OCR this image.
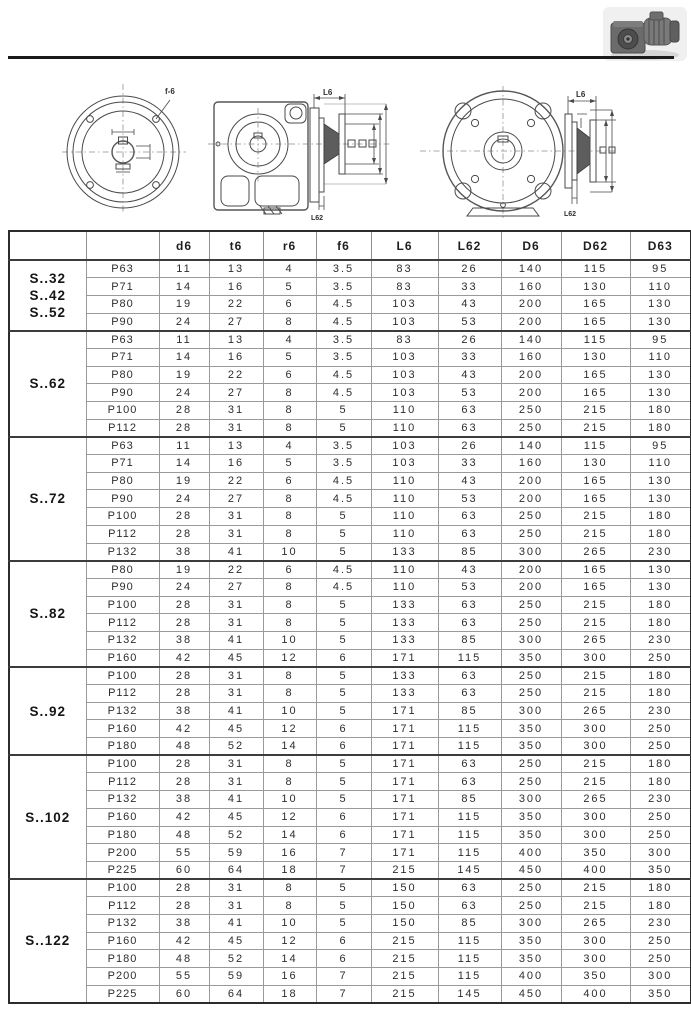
f-6	L6
L62
L6
L62
		d6	t6	r6	f6	L6	L62	D6	D62	D63

S..32
S..42
S..52	P63	11	13	4	3.5	83	26	140	115	95
	P71	14	16	5	3.5	83	33	160	130	110
	P80	19	22	6	4.5	103	43	200	165	130
	P90	24	27	8	4.5	103	53	200	165	130

S..62	P63	11	13	4	3.5	83	26	140	115	95
	P71	14	16	5	3.5	103	33	160	130	110
	P80	19	22	6	4.5	103	43	200	165	130
	P90	24	27	8	4.5	103	53	200	165	130
	P100	28	31	8	5	110	63	250	215	180
	P112	28	31	8	5	110	63	250	215	180

S..72	P63	11	13	4	3.5	103	26	140	115	95
	P71	14	16	5	3.5	103	33	160	130	110
	P80	19	22	6	4.5	110	43	200	165	130
	P90	24	27	8	4.5	110	53	200	165	130
	P100	28	31	8	5	110	63	250	215	180
	P112	28	31	8	5	110	63	250	215	180
	P132	38	41	10	5	133	85	300	265	230

S..82	P80	19	22	6	4.5	110	43	200	165	130
	P90	24	27	8	4.5	110	53	200	165	130
	P100	28	31	8	5	133	63	250	215	180
	P112	28	31	8	5	133	63	250	215	180
	P132	38	41	10	5	133	85	300	265	230
	P160	42	45	12	6	171	115	350	300	250

S..92	P100	28	31	8	5	133	63	250	215	180
	P112	28	31	8	5	133	63	250	215	180
	P132	38	41	10	5	171	85	300	265	230
	P160	42	45	12	6	171	115	350	300	250
	P180	48	52	14	6	171	115	350	300	250

S..102	P100	28	31	8	5	171	63	250	215	180
	P112	28	31	8	5	171	63	250	215	180
	P132	38	41	10	5	171	85	300	265	230
	P160	42	45	12	6	171	115	350	300	250
	P180	48	52	14	6	171	115	350	300	250
	P200	55	59	16	7	171	115	400	350	300
	P225	60	64	18	7	215	145	450	400	350

S..122	P100	28	31	8	5	150	63	250	215	180
	P112	28	31	8	5	150	63	250	215	180
	P132	38	41	10	5	150	85	300	265	230
	P160	42	45	12	6	215	115	350	300	250
	P180	48	52	14	6	215	115	350	300	250
	P200	55	59	16	7	215	115	400	350	300
	P225	60	64	18	7	215	145	450	400	350
